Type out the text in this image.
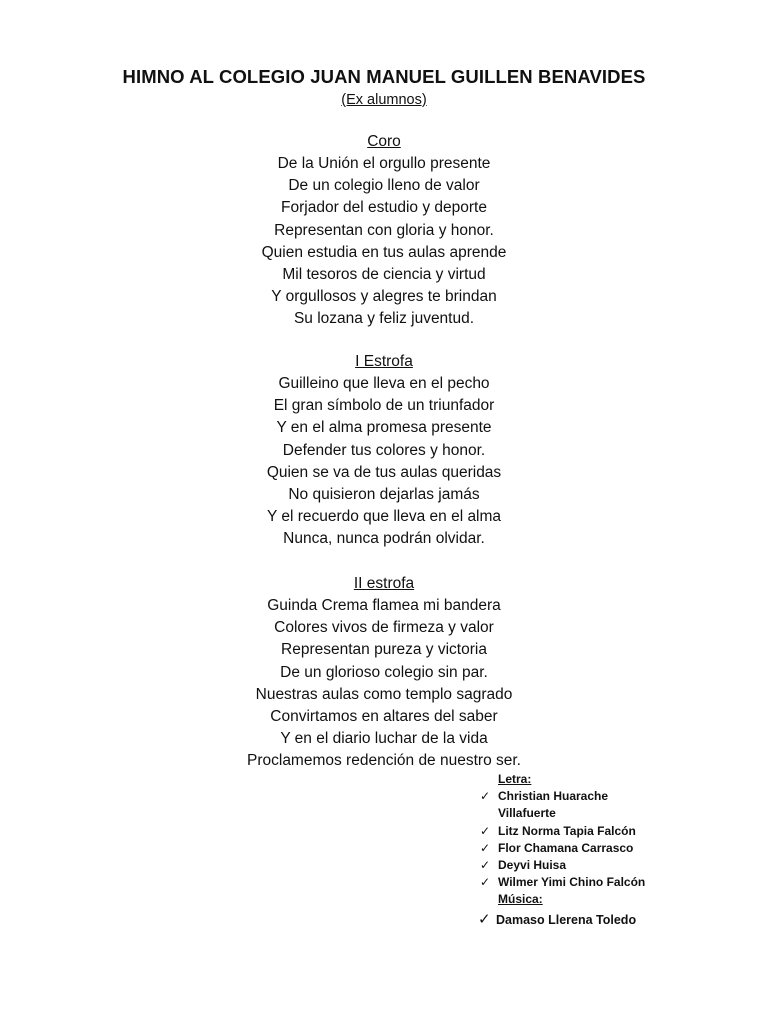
HIMNO AL COLEGIO JUAN MANUEL GUILLEN BENAVIDES
(Ex alumnos)

Coro

De la Unión el orgullo presente

De un colegio lleno de valor

Forjador del estudio y deporte

Representan con gloria y honor.

Quien estudia en tus aulas aprende

Mil tesoros de ciencia y virtud

Y orgullosos y alegres te brindan

Su lozana y feliz juventud.

I Estrofa

Guilleino que lleva en el pecho

El gran símbolo de un triunfador

Y en el alma promesa presente

Defender tus colores y honor.

Quien se va de tus aulas queridas

No quisieron dejarlas jamás

Y el recuerdo que lleva en el alma

Nunca, nunca podrán olvidar.

II estrofa

Guinda Crema flamea mi bandera

Colores vivos de firmeza y valor

Representan pureza y victoria

De un glorioso colegio sin par.

Nuestras aulas como templo sagrado

Convirtamos en altares del saber

Y en el diario luchar de la vida

Proclamemos redención de nuestro ser.

Letra:

✓ Christian Huarache

Villafuerte

✓ Litz Norma Tapia Falcón

✓ Flor Chamana Carrasco

✓ Deyvi Huisa

✓ Wilmer Yimi Chino Falcón

Música:

✓ Damaso Llerena Toledo
